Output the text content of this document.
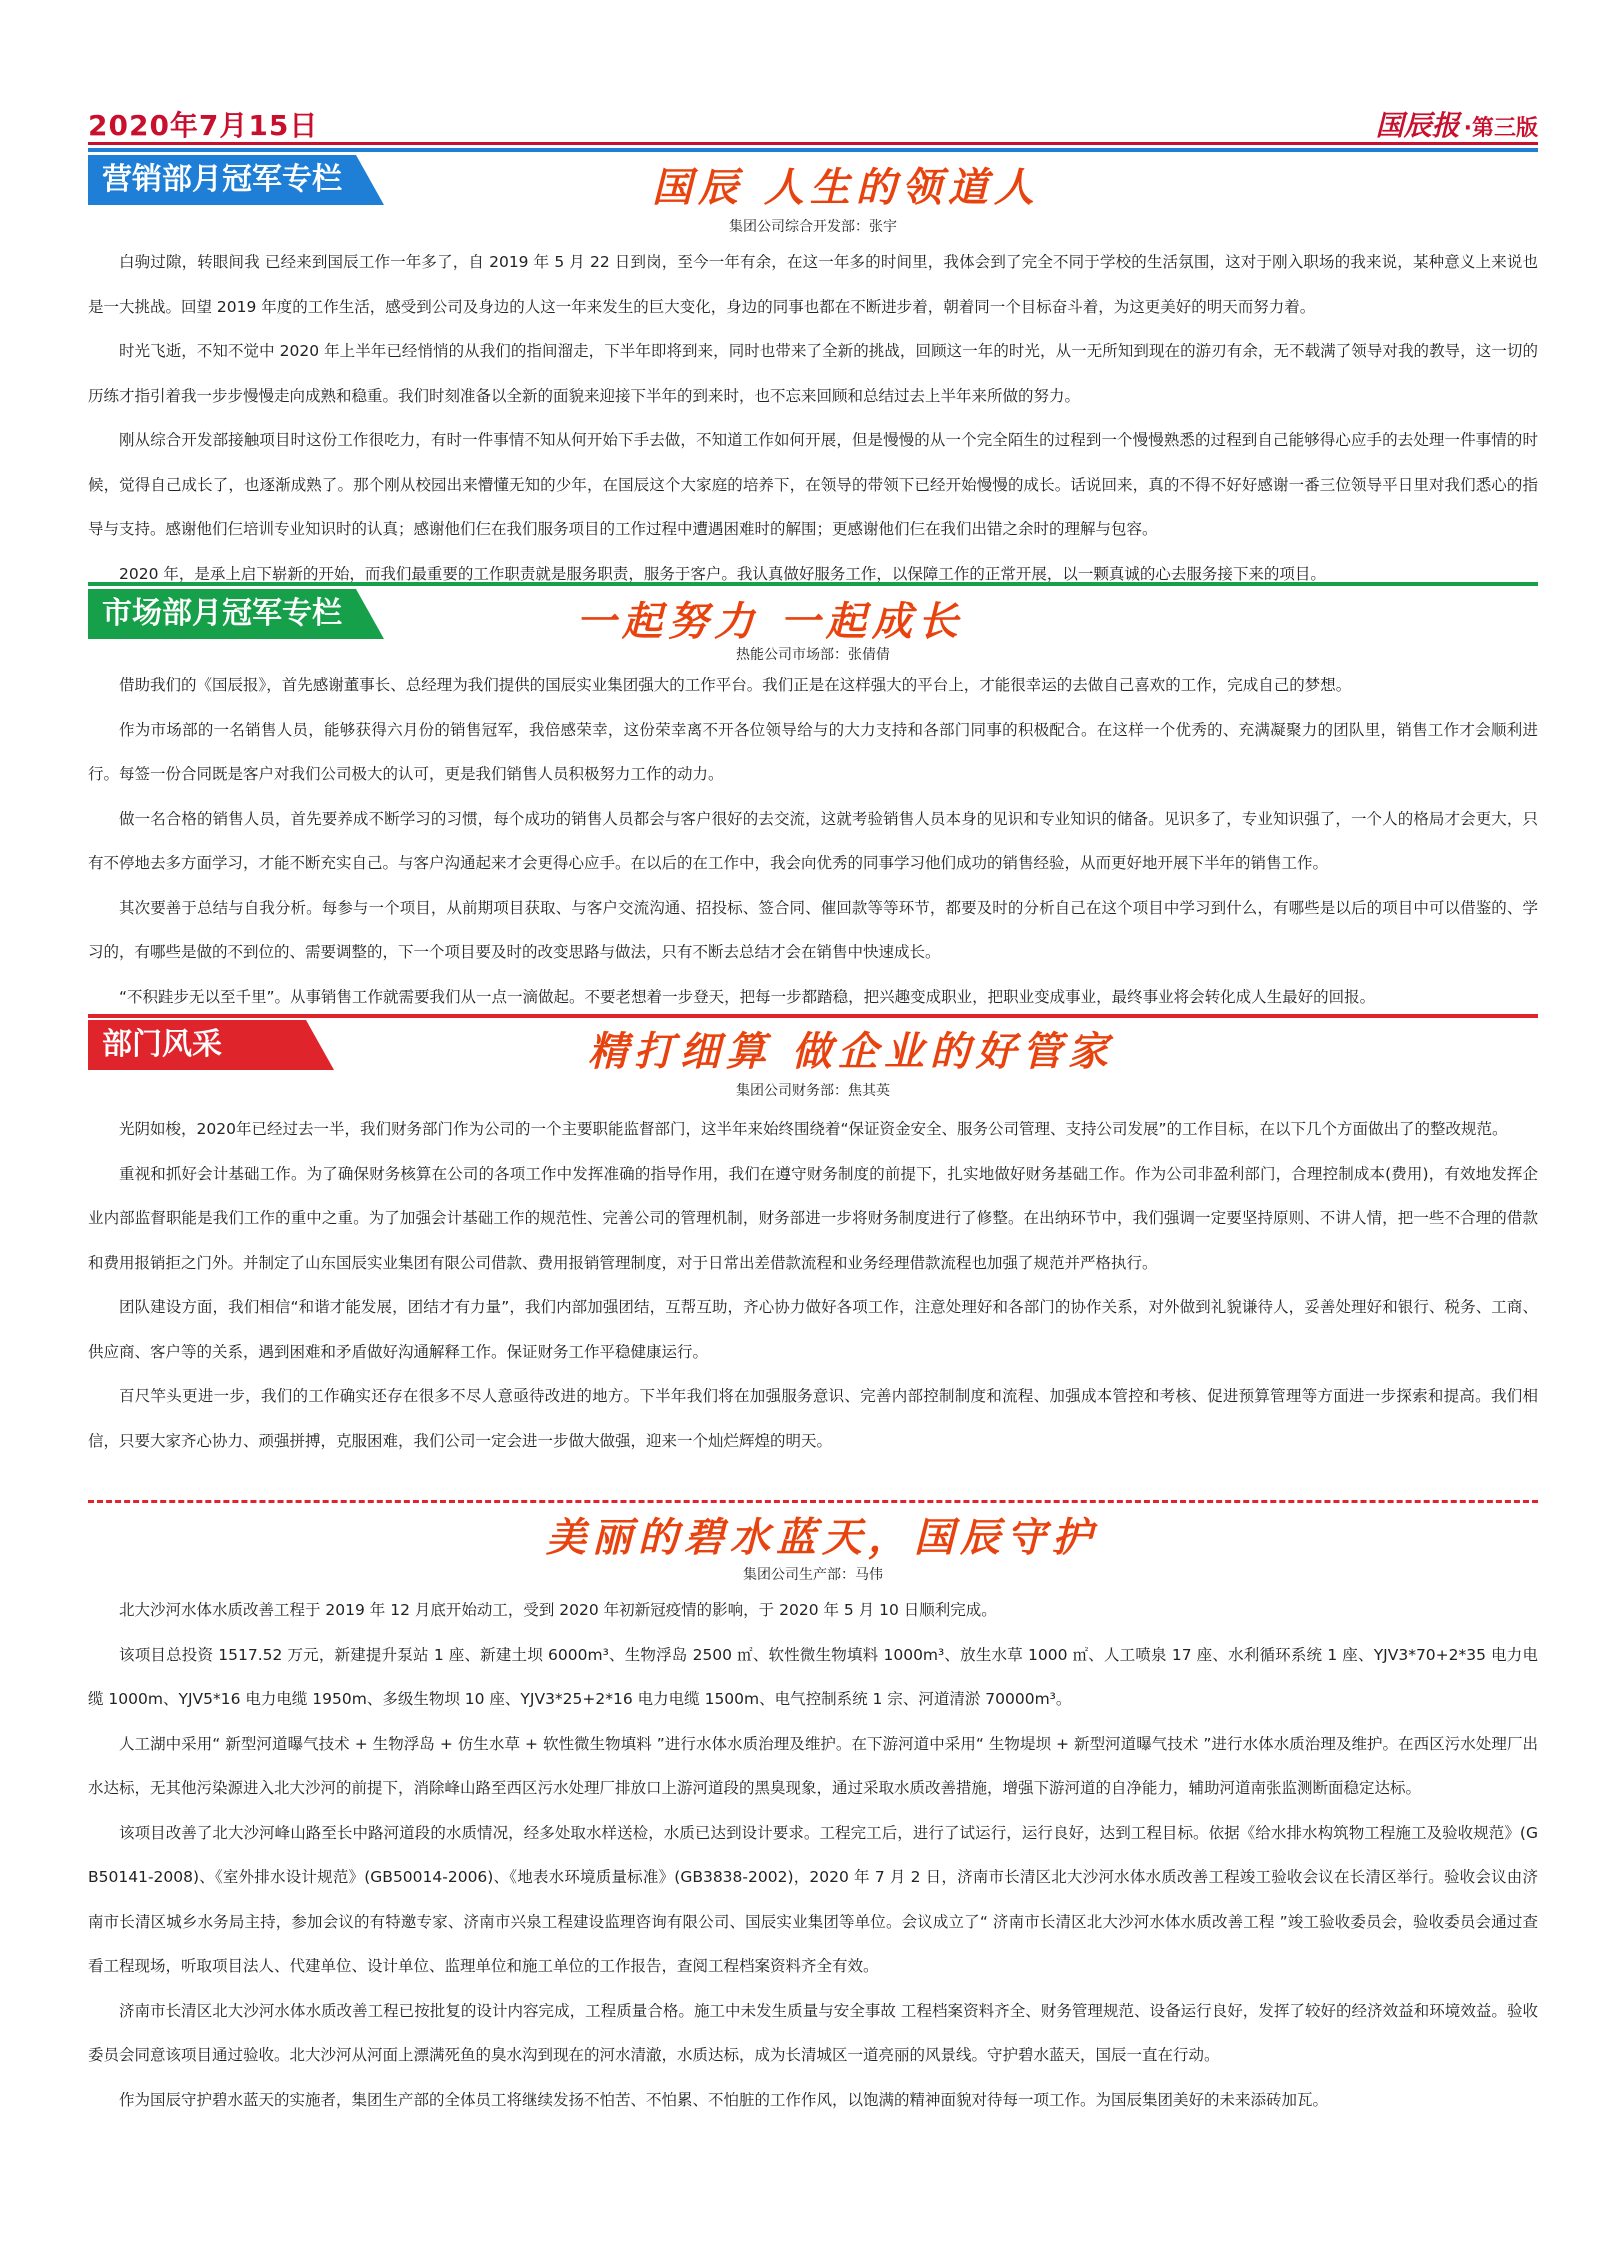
2020年7月15日	国辰报 ·第三版
营销部月冠军专栏	国辰 人生的领道人
集团公司综合开发部：张宇

白驹过隙，转眼间我 已经来到国辰工作一年多了，自 2019 年 5 月 22 日到岗，至今一年有余，在这一年多的时间里，我体会到了完全不同于学校的生活氛围，这对于刚入职场的我来说，某种意义上来说也是一大挑战。回望 2019 年度的工作生活，感受到公司及身边的人这一年来发生的巨大变化，身边的同事也都在不断进步着，朝着同一个目标奋斗着，为这更美好的明天而努力着。

时光飞逝，不知不觉中 2020 年上半年已经悄悄的从我们的指间溜走，下半年即将到来，同时也带来了全新的挑战，回顾这一年的时光，从一无所知到现在的游刃有余，无不载满了领导对我的教导，这一切的历练才指引着我一步步慢慢走向成熟和稳重。我们时刻准备以全新的面貌来迎接下半年的到来时，也不忘来回顾和总结过去上半年来所做的努力。

刚从综合开发部接触项目时这份工作很吃力，有时一件事情不知从何开始下手去做，不知道工作如何开展，但是慢慢的从一个完全陌生的过程到一个慢慢熟悉的过程到自己能够得心应手的去处理一件事情的时候，觉得自己成长了，也逐渐成熟了。那个刚从校园出来懵懂无知的少年，在国辰这个大家庭的培养下，在领导的带领下已经开始慢慢的成长。话说回来，真的不得不好好感谢一番三位领导平日里对我们悉心的指导与支持。感谢他们仨培训专业知识时的认真；感谢他们仨在我们服务项目的工作过程中遭遇困难时的解围；更感谢他们仨在我们出错之余时的理解与包容。

2020 年，是承上启下崭新的开始，而我们最重要的工作职责就是服务职责，服务于客户。我认真做好服务工作，以保障工作的正常开展，以一颗真诚的心去服务接下来的项目。

市场部月冠军专栏	一起努力 一起成长
热能公司市场部：张倩倩

借助我们的《国辰报》，首先感谢董事长、总经理为我们提供的国辰实业集团强大的工作平台。我们正是在这样强大的平台上，才能很幸运的去做自己喜欢的工作，完成自己的梦想。

作为市场部的一名销售人员，能够获得六月份的销售冠军，我倍感荣幸，这份荣幸离不开各位领导给与的大力支持和各部门同事的积极配合。在这样一个优秀的、充满凝聚力的团队里，销售工作才会顺利进行。每签一份合同既是客户对我们公司极大的认可，更是我们销售人员积极努力工作的动力。

做一名合格的销售人员，首先要养成不断学习的习惯，每个成功的销售人员都会与客户很好的去交流，这就考验销售人员本身的见识和专业知识的储备。见识多了，专业知识强了，一个人的格局才会更大，只有不停地去多方面学习，才能不断充实自己。与客户沟通起来才会更得心应手。在以后的在工作中，我会向优秀的同事学习他们成功的销售经验，从而更好地开展下半年的销售工作。

其次要善于总结与自我分析。每参与一个项目，从前期项目获取、与客户交流沟通、招投标、签合同、催回款等等环节，都要及时的分析自己在这个项目中学习到什么，有哪些是以后的项目中可以借鉴的、学习的，有哪些是做的不到位的、需要调整的，下一个项目要及时的改变思路与做法，只有不断去总结才会在销售中快速成长。

“不积跬步无以至千里”。从事销售工作就需要我们从一点一滴做起。不要老想着一步登天，把每一步都踏稳，把兴趣变成职业，把职业变成事业，最终事业将会转化成人生最好的回报。

部门风采	精打细算 做企业的好管家
集团公司财务部：焦其英

光阴如梭，2020年已经过去一半，我们财务部门作为公司的一个主要职能监督部门，这半年来始终围绕着“保证资金安全、服务公司管理、支持公司发展”的工作目标，在以下几个方面做出了的整改规范。

重视和抓好会计基础工作。为了确保财务核算在公司的各项工作中发挥准确的指导作用，我们在遵守财务制度的前提下，扎实地做好财务基础工作。作为公司非盈利部门，合理控制成本(费用)，有效地发挥企业内部监督职能是我们工作的重中之重。为了加强会计基础工作的规范性、完善公司的管理机制，财务部进一步将财务制度进行了修整。在出纳环节中，我们强调一定要坚持原则、不讲人情，把一些不合理的借款和费用报销拒之门外。并制定了山东国辰实业集团有限公司借款、费用报销管理制度，对于日常出差借款流程和业务经理借款流程也加强了规范并严格执行。

团队建设方面，我们相信“和谐才能发展，团结才有力量”，我们内部加强团结，互帮互助，齐心协力做好各项工作，注意处理好和各部门的协作关系，对外做到礼貌谦待人，妥善处理好和银行、税务、工商、供应商、客户等的关系，遇到困难和矛盾做好沟通解释工作。保证财务工作平稳健康运行。

百尺竿头更进一步，我们的工作确实还存在很多不尽人意亟待改进的地方。下半年我们将在加强服务意识、完善内部控制制度和流程、加强成本管控和考核、促进预算管理等方面进一步探索和提高。我们相信，只要大家齐心协力、顽强拼搏，克服困难，我们公司一定会进一步做大做强，迎来一个灿烂辉煌的明天。

美丽的碧水蓝天，国辰守护
集团公司生产部：马伟

北大沙河水体水质改善工程于 2019 年 12 月底开始动工，受到 2020 年初新冠疫情的影响，于 2020 年 5 月 10 日顺利完成。

该项目总投资 1517.52 万元，新建提升泵站 1 座、新建土坝 6000m³、生物浮岛 2500 ㎡、软性微生物填料 1000m³、放生水草 1000 ㎡、人工喷泉 17 座、水利循环系统 1 座、YJV3*70+2*35 电力电缆 1000m、YJV5*16 电力电缆 1950m、多级生物坝 10 座、YJV3*25+2*16 电力电缆 1500m、电气控制系统 1 宗、河道清淤 70000m³。

人工湖中采用“ 新型河道曝气技术 + 生物浮岛 + 仿生水草 + 软性微生物填料 ”进行水体水质治理及维护。在下游河道中采用“ 生物堤坝 + 新型河道曝气技术 ”进行水体水质治理及维护。在西区污水处理厂出水达标，无其他污染源进入北大沙河的前提下，消除峰山路至西区污水处理厂排放口上游河道段的黑臭现象，通过采取水质改善措施，增强下游河道的自净能力，辅助河道南张监测断面稳定达标。

该项目改善了北大沙河峰山路至长中路河道段的水质情况，经多处取水样送检，水质已达到设计要求。工程完工后，进行了试运行，运行良好，达到工程目标。依据《给水排水构筑物工程施工及验收规范》(GB50141-2008)、《室外排水设计规范》(GB50014-2006)、《地表水环境质量标准》(GB3838-2002)，2020 年 7 月 2 日，济南市长清区北大沙河水体水质改善工程竣工验收会议在长清区举行。验收会议由济南市长清区城乡水务局主持，参加会议的有特邀专家、济南市兴泉工程建设监理咨询有限公司、国辰实业集团等单位。会议成立了“ 济南市长清区北大沙河水体水质改善工程 ”竣工验收委员会，验收委员会通过查看工程现场，听取项目法人、代建单位、设计单位、监理单位和施工单位的工作报告，查阅工程档案资料齐全有效。

济南市长清区北大沙河水体水质改善工程已按批复的设计内容完成，工程质量合格。施工中未发生质量与安全事故 工程档案资料齐全、财务管理规范、设备运行良好，发挥了较好的经济效益和环境效益。验收委员会同意该项目通过验收。北大沙河从河面上漂满死鱼的臭水沟到现在的河水清澈，水质达标，成为长清城区一道亮丽的风景线。守护碧水蓝天，国辰一直在行动。

作为国辰守护碧水蓝天的实施者，集团生产部的全体员工将继续发扬不怕苦、不怕累、不怕脏的工作作风，以饱满的精神面貌对待每一项工作。为国辰集团美好的未来添砖加瓦。
